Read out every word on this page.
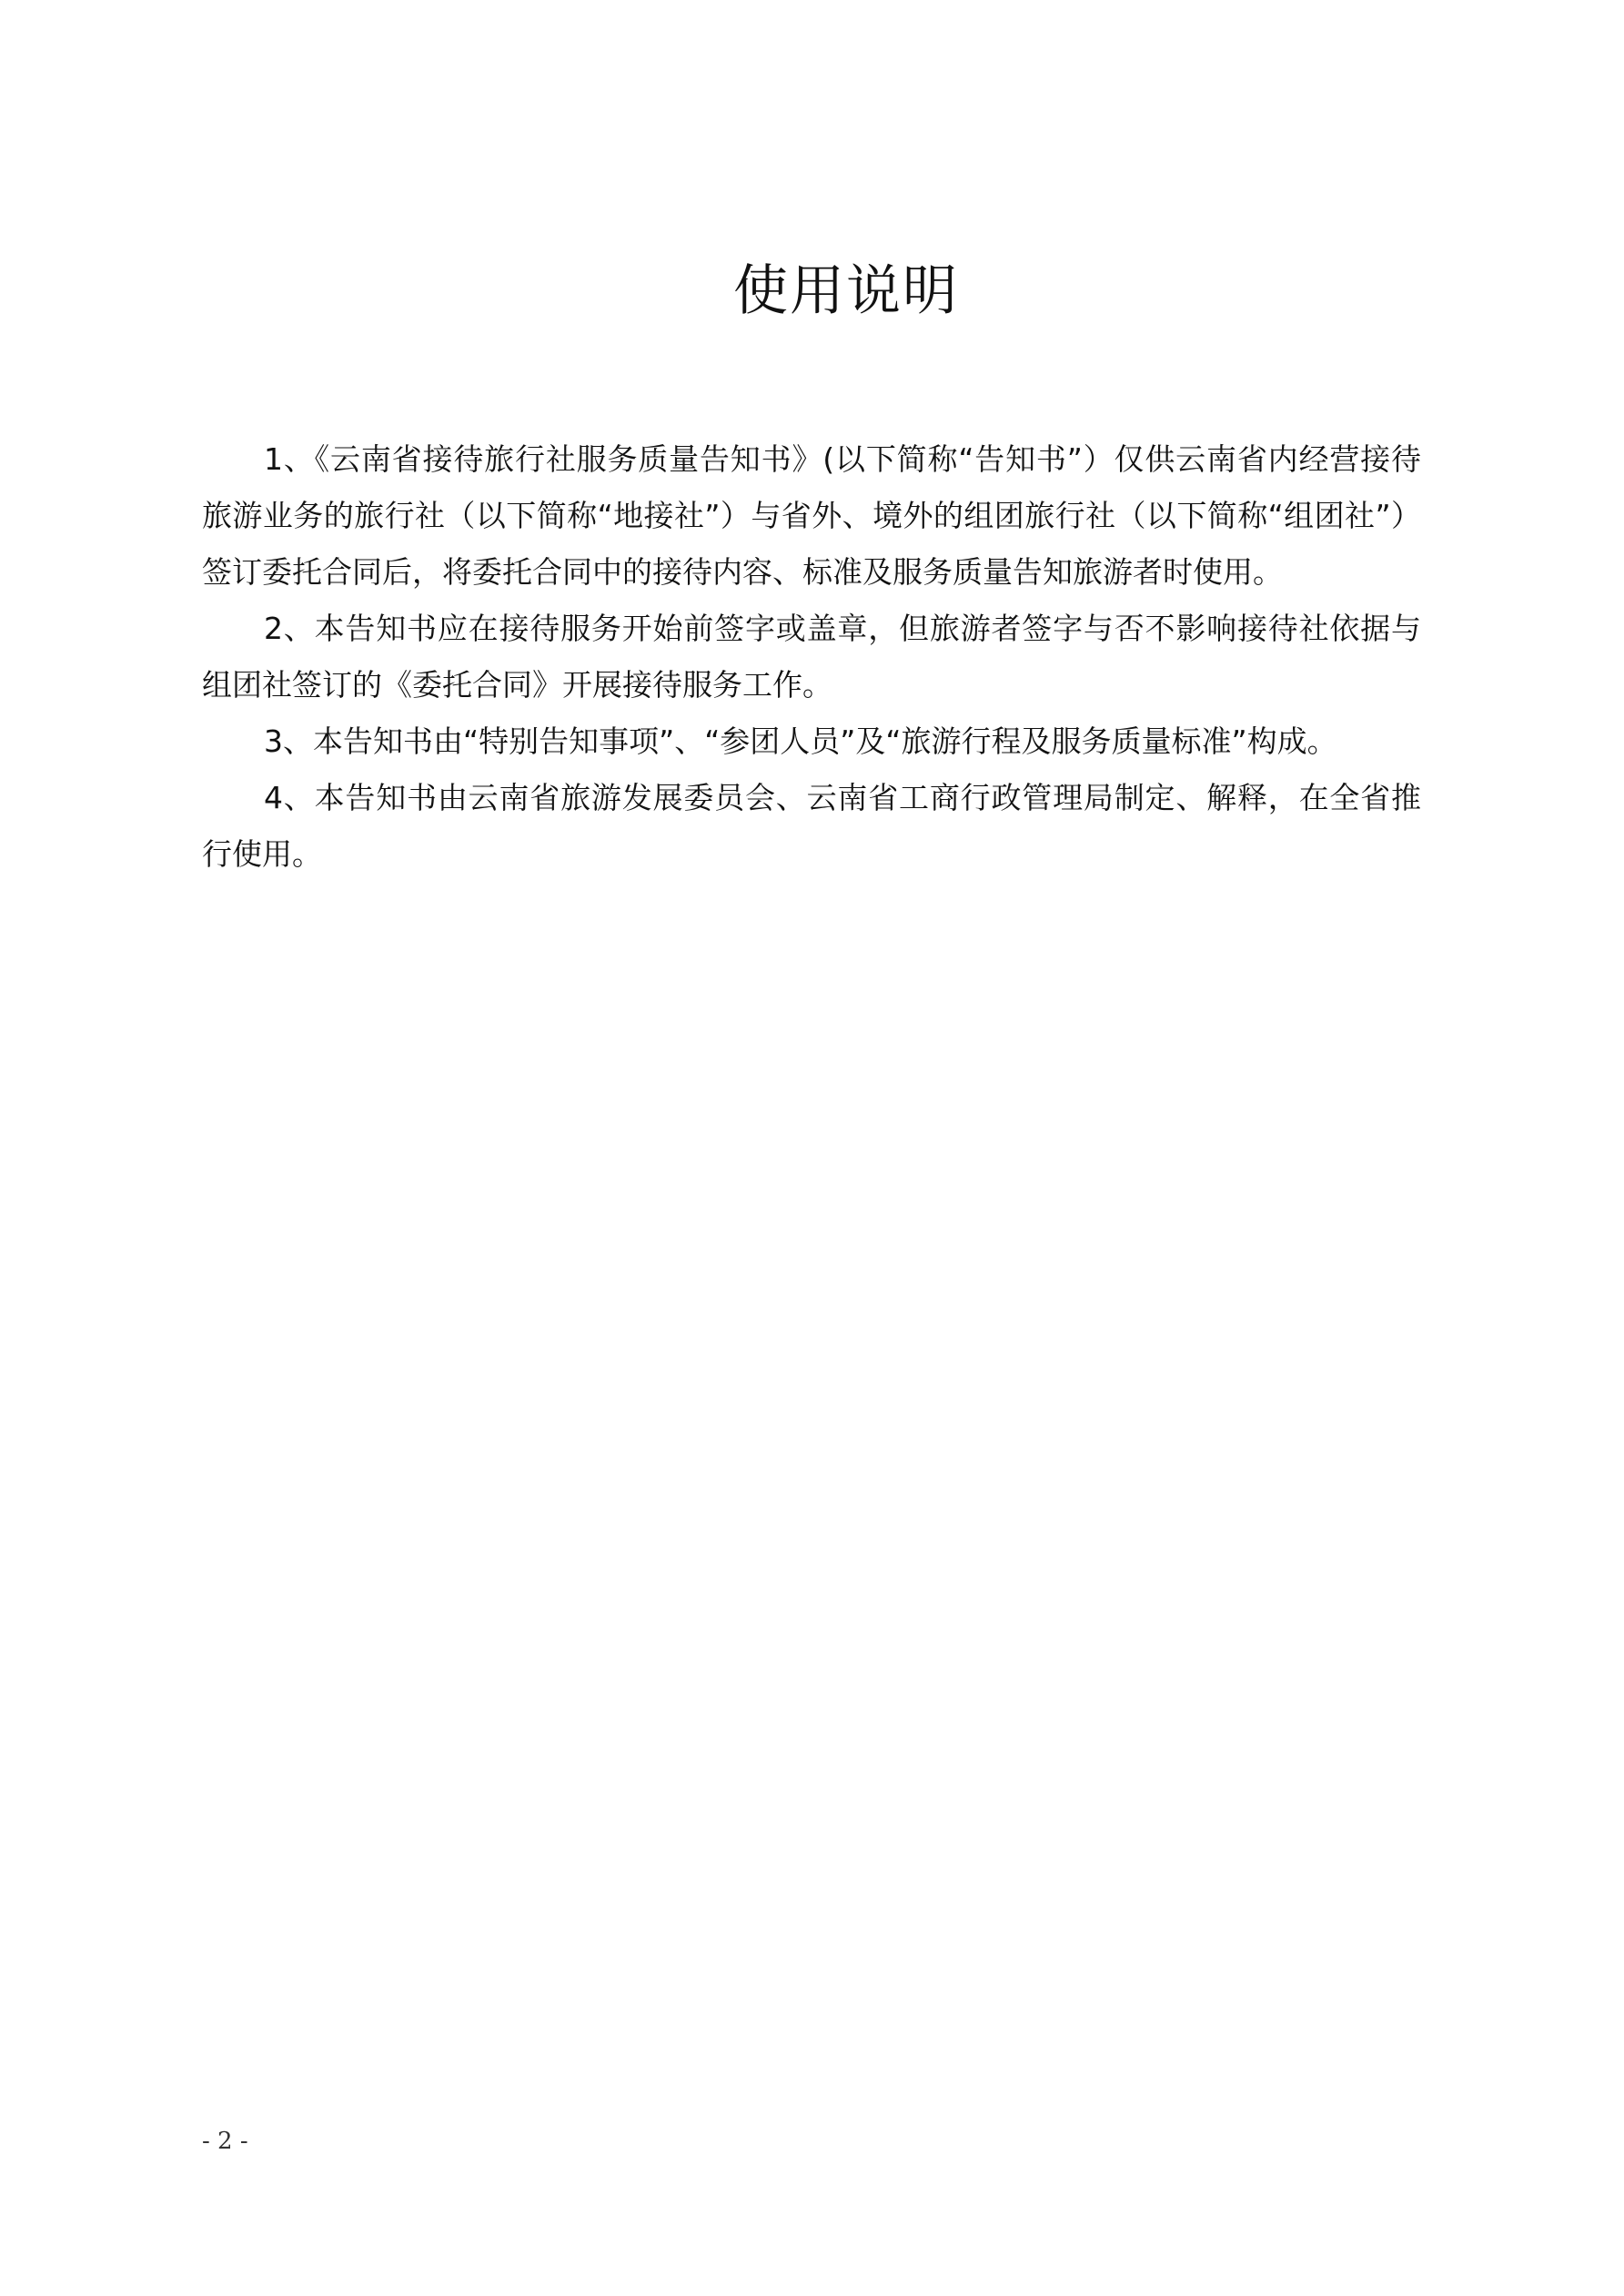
使用说明

1、《云南省接待旅行社服务质量告知书》(以下简称“告知书”）仅供云南省内经营接待旅游业务的旅行社（以下简称“地接社”）与省外、境外的组团旅行社（以下简称“组团社”）签订委托合同后，将委托合同中的接待内容、标准及服务质量告知旅游者时使用。

2、本告知书应在接待服务开始前签字或盖章，但旅游者签字与否不影响接待社依据与组团社签订的《委托合同》开展接待服务工作。

3、本告知书由“特别告知事项”、“参团人员”及“旅游行程及服务质量标准”构成。

4、本告知书由云南省旅游发展委员会、云南省工商行政管理局制定、解释，在全省推行使用。

- 2 -
